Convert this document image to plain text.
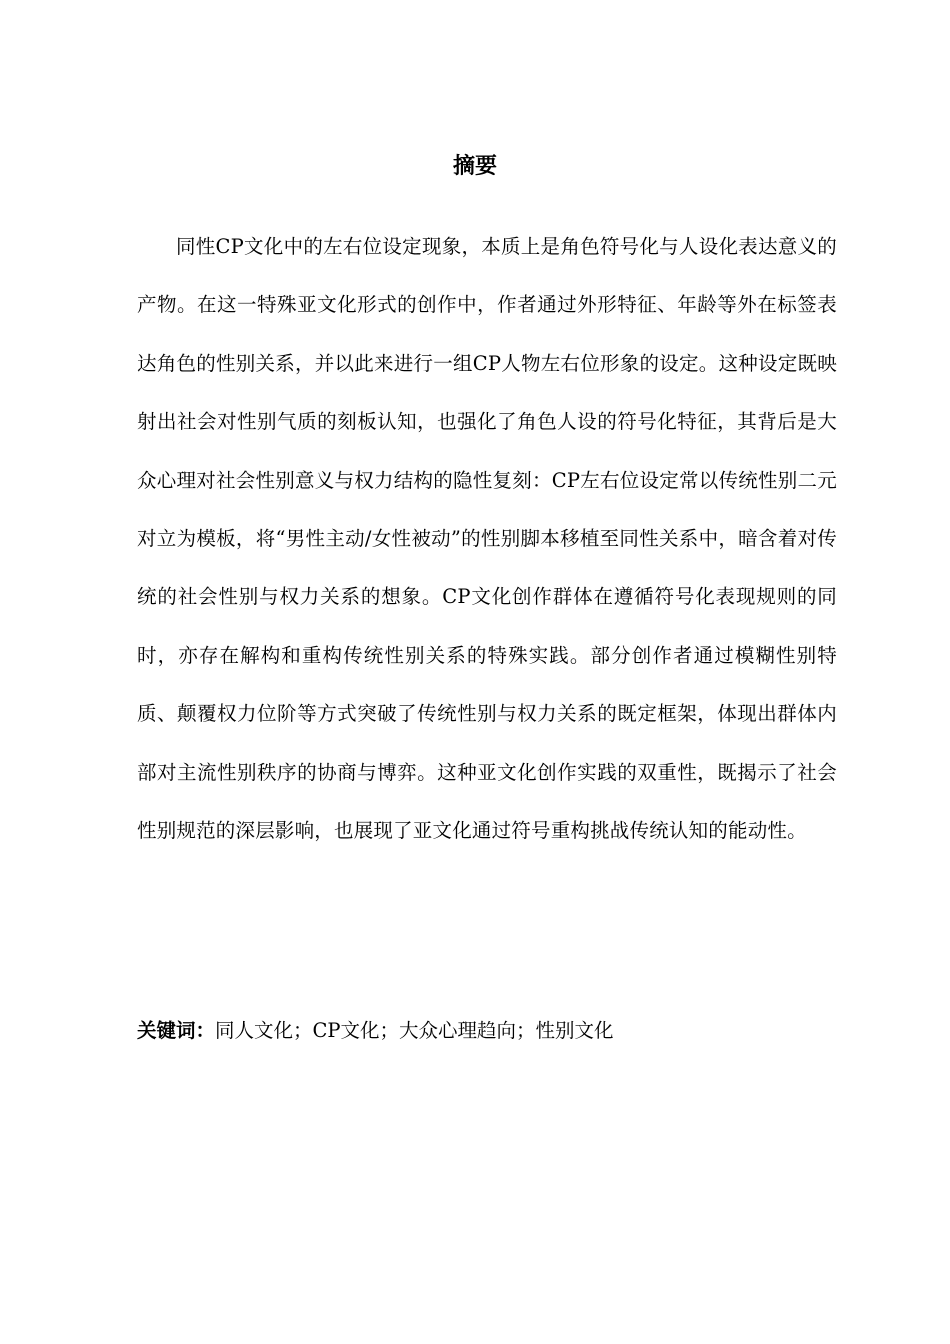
摘要

同性CP文化中的左右位设定现象，本质上是角色符号化与人设化表达意义的产物。在这一特殊亚文化形式的创作中，作者通过外形特征、年龄等外在标签表达角色的性别关系，并以此来进行一组CP人物左右位形象的设定。这种设定既映射出社会对性别气质的刻板认知，也强化了角色人设的符号化特征，其背后是大众心理对社会性别意义与权力结构的隐性复刻：CP左右位设定常以传统性别二元对立为模板，将“男性主动/女性被动”的性别脚本移植至同性关系中，暗含着对传统的社会性别与权力关系的想象。CP文化创作群体在遵循符号化表现规则的同时，亦存在解构和重构传统性别关系的特殊实践。部分创作者通过模糊性别特质、颠覆权力位阶等方式突破了传统性别与权力关系的既定框架，体现出群体内部对主流性别秩序的协商与博弈。这种亚文化创作实践的双重性，既揭示了社会性别规范的深层影响，也展现了亚文化通过符号重构挑战传统认知的能动性。

关键词：同人文化；CP文化；大众心理趋向；性别文化
